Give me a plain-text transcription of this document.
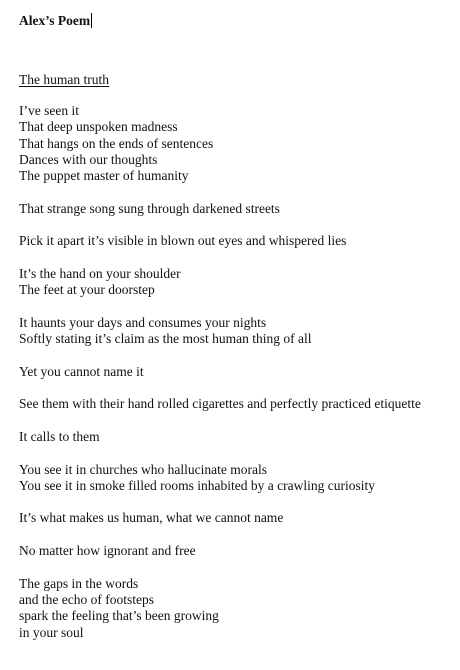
Alex’s Poem
The human truth
I’ve seen it
That deep unspoken madness
That hangs on the ends of sentences
Dances with our thoughts
The puppet master of humanity
That strange song sung through darkened streets
Pick it apart it’s visible in blown out eyes and whispered lies
It’s the hand on your shoulder
The feet at your doorstep
It haunts your days and consumes your nights
Softly stating it’s claim as the most human thing of all
Yet you cannot name it
See them with their hand rolled cigarettes and perfectly practiced etiquette
It calls to them
You see it in churches who hallucinate morals
You see it in smoke filled rooms inhabited by a crawling curiosity
It’s what makes us human, what we cannot name
No matter how ignorant and free
The gaps in the words
and the echo of footsteps
spark the feeling that’s been growing
in your soul
